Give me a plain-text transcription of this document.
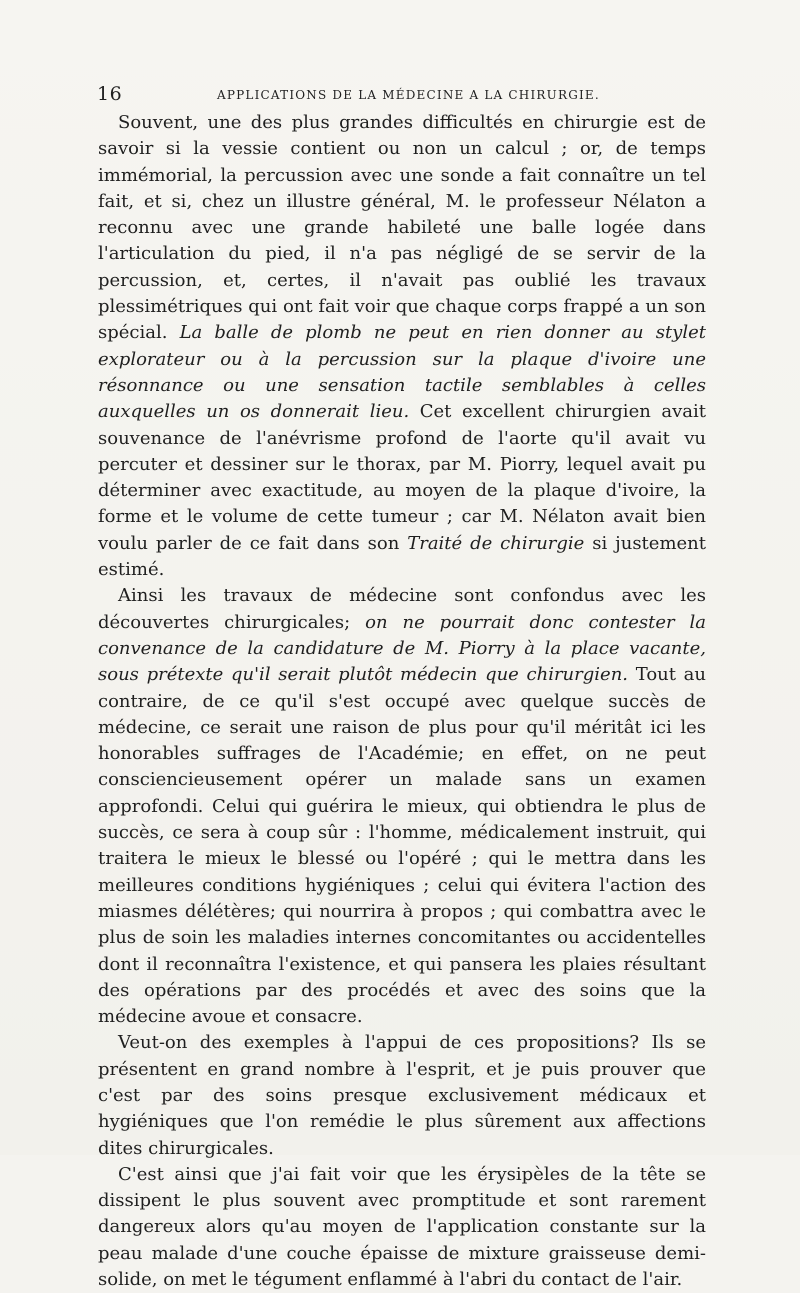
16	APPLICATIONS DE LA MÉDECINE A LA CHIRURGIE.

Souvent, une des plus grandes difficultés en chirurgie est de savoir si la vessie contient ou non un calcul ; or, de temps immémorial, la percussion avec une sonde a fait connaître un tel fait, et si, chez un illustre général, M. le professeur Nélaton a reconnu avec une grande habileté une balle logée dans l'articulation du pied, il n'a pas négligé de se servir de la percussion, et, certes, il n'avait pas oublié les travaux plessimétriques qui ont fait voir que chaque corps frappé a un son spécial. La balle de plomb ne peut en rien donner au stylet explorateur ou à la percussion sur la plaque d'ivoire une résonnance ou une sensation tactile semblables à celles auxquelles un os donnerait lieu. Cet excellent chirurgien avait souvenance de l'anévrisme profond de l'aorte qu'il avait vu percuter et dessiner sur le thorax, par M. Piorry, lequel avait pu déterminer avec exactitude, au moyen de la plaque d'ivoire, la forme et le volume de cette tumeur ; car M. Nélaton avait bien voulu parler de ce fait dans son Traité de chirurgie si justement estimé.

Ainsi les travaux de médecine sont confondus avec les découvertes chirurgicales; on ne pourrait donc contester la convenance de la candidature de M. Piorry à la place vacante, sous prétexte qu'il serait plutôt médecin que chirurgien. Tout au contraire, de ce qu'il s'est occupé avec quelque succès de médecine, ce serait une raison de plus pour qu'il méritât ici les honorables suffrages de l'Académie; en effet, on ne peut consciencieusement opérer un malade sans un examen approfondi. Celui qui guérira le mieux, qui obtiendra le plus de succès, ce sera à coup sûr : l'homme, médicalement instruit, qui traitera le mieux le blessé ou l'opéré ; qui le mettra dans les meilleures conditions hygiéniques ; celui qui évitera l'action des miasmes délétères; qui nourrira à propos ; qui combattra avec le plus de soin les maladies internes concomitantes ou accidentelles dont il reconnaîtra l'existence, et qui pansera les plaies résultant des opérations par des procédés et avec des soins que la médecine avoue et consacre.

Veut-on des exemples à l'appui de ces propositions? Ils se présentent en grand nombre à l'esprit, et je puis prouver que c'est par des soins presque exclusivement médicaux et hygiéniques que l'on remédie le plus sûrement aux affections dites chirurgicales.

C'est ainsi que j'ai fait voir que les érysipèles de la tête se dissipent le plus souvent avec promptitude et sont rarement dangereux alors qu'au moyen de l'application constante sur la peau malade d'une couche épaisse de mixture graisseuse demi-solide, on met le tégument enflammé à l'abri du contact de l'air.
